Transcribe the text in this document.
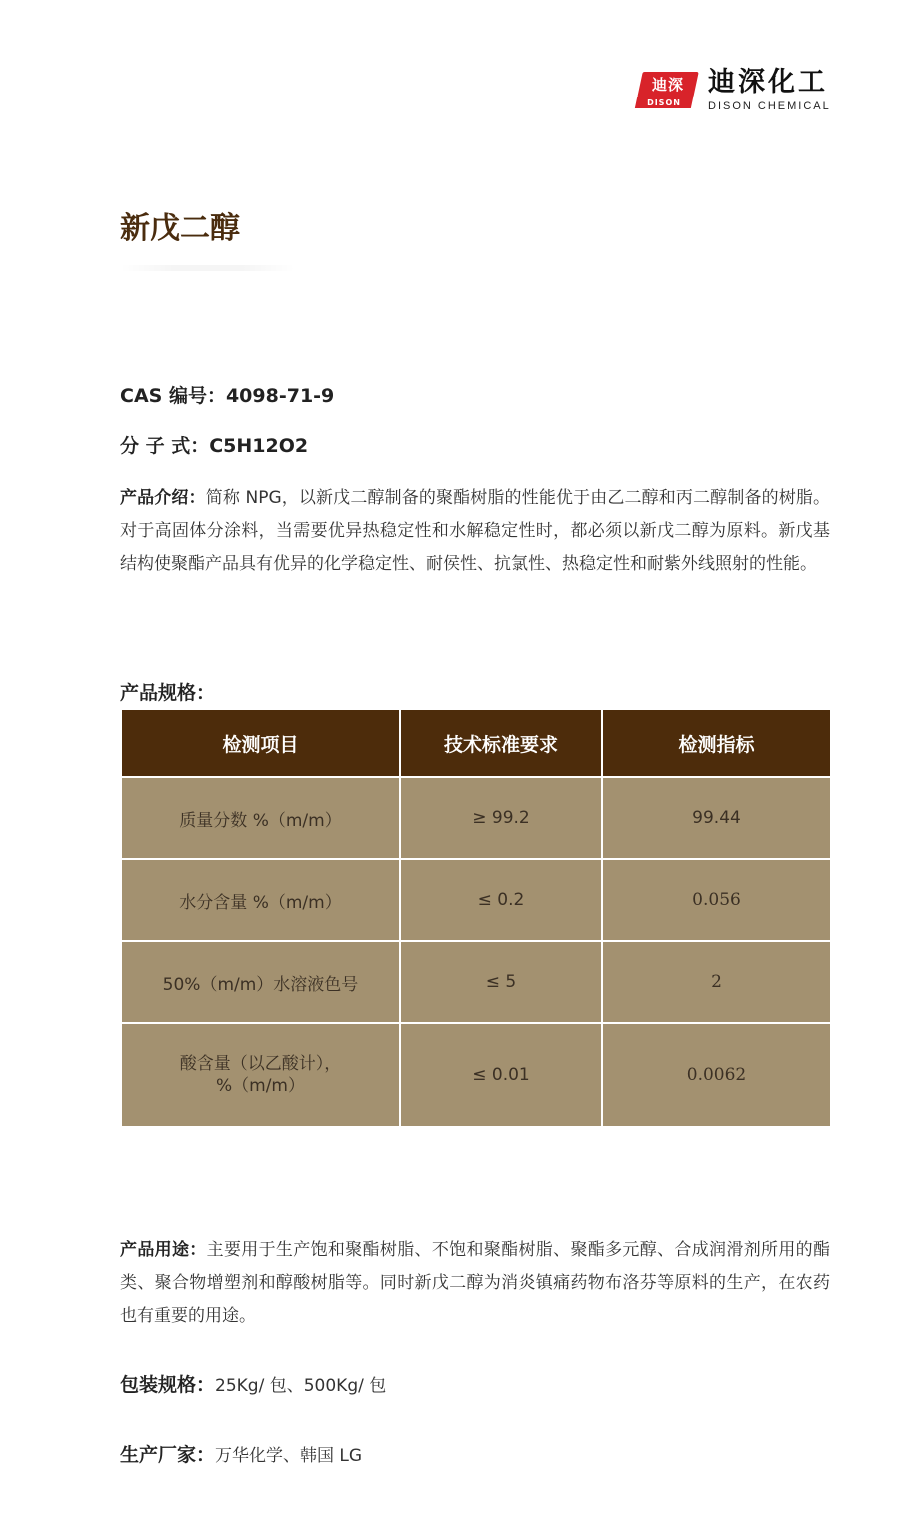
迪深
DISON
迪深化工
DISON CHEMICAL
新戊二醇
CAS 编号：4098-71-9
分 子 式：C5H12O2
产品介绍：简称 NPG，以新戊二醇制备的聚酯树脂的性能优于由乙二醇和丙二醇制备的树脂。对于高固体分涂料，当需要优异热稳定性和水解稳定性时，都必须以新戊二醇为原料。新戊基结构使聚酯产品具有优异的化学稳定性、耐侯性、抗氯性、热稳定性和耐紫外线照射的性能。
产品规格：
检测项目	技术标准要求	检测指标
质量分数 %（m/m）	≥ 99.2	99.44
水分含量 %（m/m）	≤ 0.2	0.056
50%（m/m）水溶液色号	≤ 5	2

酸含量（以乙酸计），
%（m/m）	≤ 0.01	0.0062
产品用途：主要用于生产饱和聚酯树脂、不饱和聚酯树脂、聚酯多元醇、合成润滑剂所用的酯类、聚合物增塑剂和醇酸树脂等。同时新戊二醇为消炎镇痛药物布洛芬等原料的生产，在农药也有重要的用途。
包装规格：25Kg/ 包、500Kg/ 包
生产厂家：万华化学、韩国 LG
